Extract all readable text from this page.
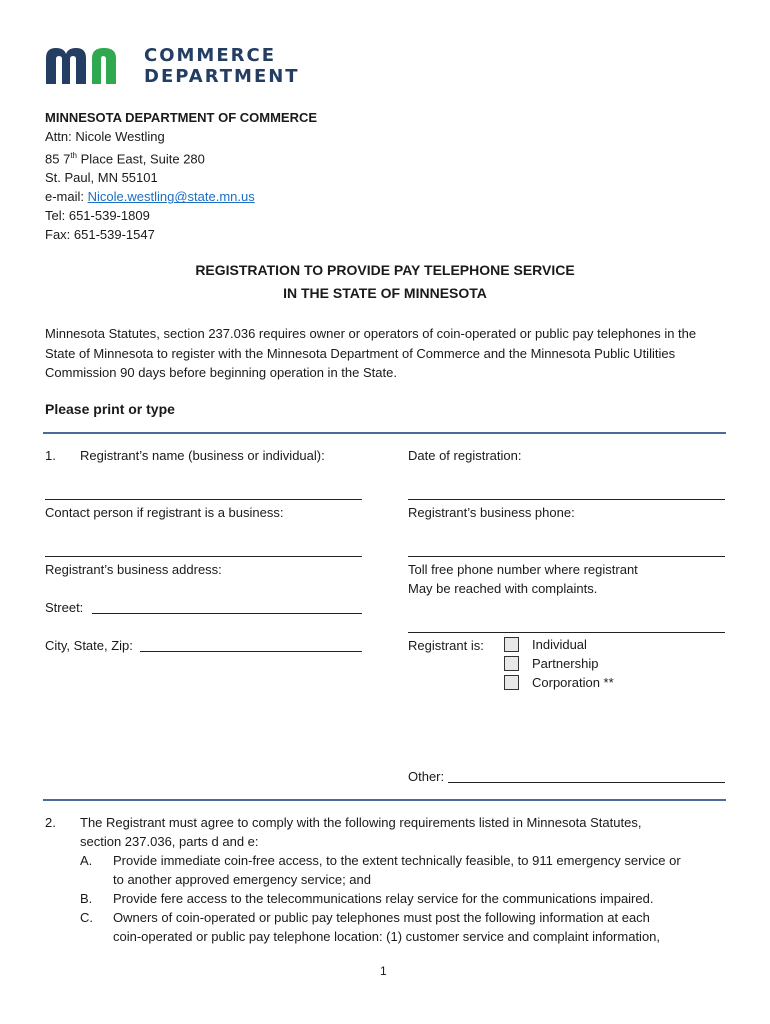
COMMERCE
DEPARTMENT
MINNESOTA DEPARTMENT OF COMMERCE
Attn: Nicole Westling
85 7th Place East, Suite 280
St. Paul, MN 55101
e-mail: Nicole.westling@state.mn.us
Tel: 651-539-1809
Fax: 651-539-1547
REGISTRATION TO PROVIDE PAY TELEPHONE SERVICE
IN THE STATE OF MINNESOTA
Minnesota Statutes, section 237.036 requires owner or operators of coin-operated or public pay telephones in the State of Minnesota to register with the Minnesota Department of Commerce and the Minnesota Public Utilities Commission 90 days before beginning operation in the State.
Please print or type
1. Registrant’s name (business or individual):	Date of registration:
Contact person if registrant is a business:	Registrant’s business phone:
Registrant’s business address:	Toll free phone number where registrant
May be reached with complaints.
Street:
City, State, Zip:	Registrant is:	Individual
Partnership
Corporation **
Other:
2. The Registrant must agree to comply with the following requirements listed in Minnesota Statutes,
section 237.036, parts d and e:
A. Provide immediate coin-free access, to the extent technically feasible, to 911 emergency service or
to another approved emergency service; and
B. Provide fere access to the telecommunications relay service for the communications impaired.
C. Owners of coin-operated or public pay telephones must post the following information at each
coin-operated or public pay telephone location: (1) customer service and complaint information,
1
